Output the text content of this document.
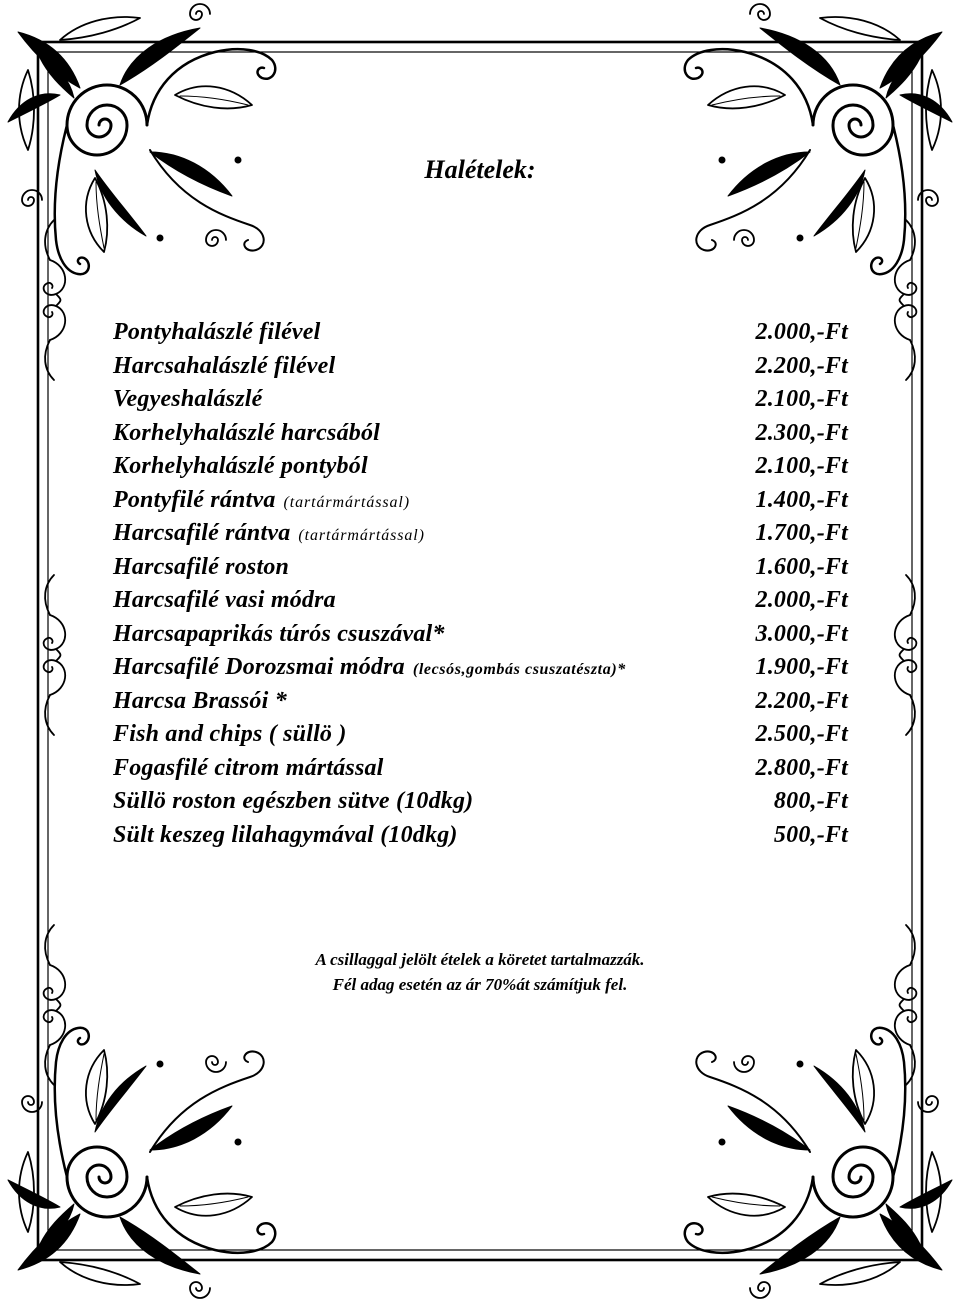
Halételek:
Pontyhalászlé filével	2.000,-Ft
Harcsahalászlé filével	2.200,-Ft
Vegyeshalászlé	2.100,-Ft
Korhelyhalászlé harcsából	2.300,-Ft
Korhelyhalászlé pontyból	2.100,-Ft
Pontyfilé rántva (tartármártással)	1.400,-Ft
Harcsafilé rántva (tartármártással)	1.700,-Ft
Harcsafilé roston	1.600,-Ft
Harcsafilé vasi módra	2.000,-Ft
Harcsapaprikás túrós csuszával*	3.000,-Ft
Harcsafilé Dorozsmai módra (lecsós,gombás csuszatészta)*	1.900,-Ft
Harcsa Brassói *	2.200,-Ft
Fish and chips ( süllö )	2.500,-Ft
Fogasfilé citrom mártással	2.800,-Ft
Süllö roston egészben sütve (10dkg)	800,-Ft
Sült keszeg lilahagymával (10dkg)	500,-Ft
A csillaggal jelölt ételek a köretet tartalmazzák.
Fél adag esetén az ár 70%át számítjuk fel.
